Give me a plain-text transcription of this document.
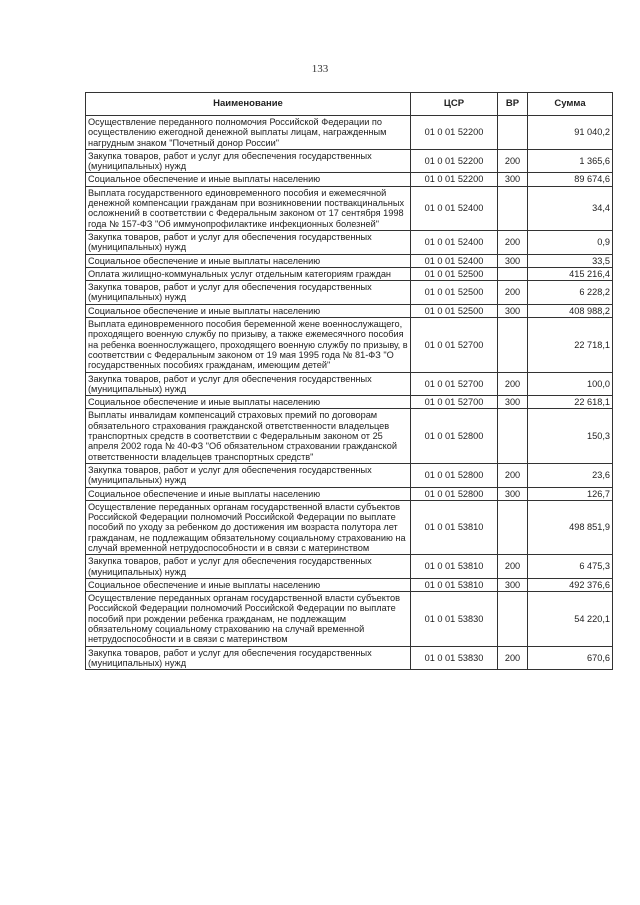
133
Наименование	ЦСР	ВР	Сумма
Осуществление переданного полномочия Российской Федерации по осуществлению ежегодной денежной выплаты лицам, награжденным нагрудным знаком "Почетный донор России"	01 0 01 52200		91 040,2
Закупка товаров, работ и услуг для обеспечения государственных (муниципальных) нужд	01 0 01 52200	200	1 365,6
Социальное обеспечение и иные выплаты населению	01 0 01 52200	300	89 674,6
Выплата государственного единовременного пособия и ежемесячной денежной компенсации гражданам при возникновении поствакцинальных осложнений в соответствии с Федеральным законом от 17 сентября 1998 года № 157-ФЗ "Об иммунопрофилактике инфекционных болезней"	01 0 01 52400		34,4
Закупка товаров, работ и услуг для обеспечения государственных (муниципальных) нужд	01 0 01 52400	200	0,9
Социальное обеспечение и иные выплаты населению	01 0 01 52400	300	33,5
Оплата жилищно-коммунальных услуг отдельным категориям граждан	01 0 01 52500		415 216,4
Закупка товаров, работ и услуг для обеспечения государственных (муниципальных) нужд	01 0 01 52500	200	6 228,2
Социальное обеспечение и иные выплаты населению	01 0 01 52500	300	408 988,2
Выплата единовременного пособия беременной жене военнослужащего, проходящего военную службу по призыву, а также ежемесячного пособия на ребенка военнослужащего, проходящего военную службу по призыву, в соответствии с Федеральным законом от 19 мая 1995 года № 81-ФЗ "О государственных пособиях гражданам, имеющим детей"	01 0 01 52700		22 718,1
Закупка товаров, работ и услуг для обеспечения государственных (муниципальных) нужд	01 0 01 52700	200	100,0
Социальное обеспечение и иные выплаты населению	01 0 01 52700	300	22 618,1
Выплаты инвалидам компенсаций страховых премий по договорам обязательного страхования гражданской ответственности владельцев транспортных средств в соответствии с Федеральным законом от 25 апреля 2002 года № 40-ФЗ "Об обязательном страховании гражданской ответственности владельцев транспортных средств"	01 0 01 52800		150,3
Закупка товаров, работ и услуг для обеспечения государственных (муниципальных) нужд	01 0 01 52800	200	23,6
Социальное обеспечение и иные выплаты населению	01 0 01 52800	300	126,7
Осуществление переданных органам государственной власти субъектов Российской Федерации полномочий Российской Федерации по выплате пособий по уходу за ребенком до достижения им возраста полутора лет гражданам, не подлежащим обязательному социальному страхованию на случай временной нетрудоспособности и в связи с материнством	01 0 01 53810		498 851,9
Закупка товаров, работ и услуг для обеспечения государственных (муниципальных) нужд	01 0 01 53810	200	6 475,3
Социальное обеспечение и иные выплаты населению	01 0 01 53810	300	492 376,6
Осуществление переданных органам государственной власти субъектов Российской Федерации полномочий Российской Федерации по выплате пособий при рождении ребенка гражданам, не подлежащим обязательному социальному страхованию на случай временной нетрудоспособности и в связи с материнством	01 0 01 53830		54 220,1
Закупка товаров, работ и услуг для обеспечения государственных (муниципальных) нужд	01 0 01 53830	200	670,6
